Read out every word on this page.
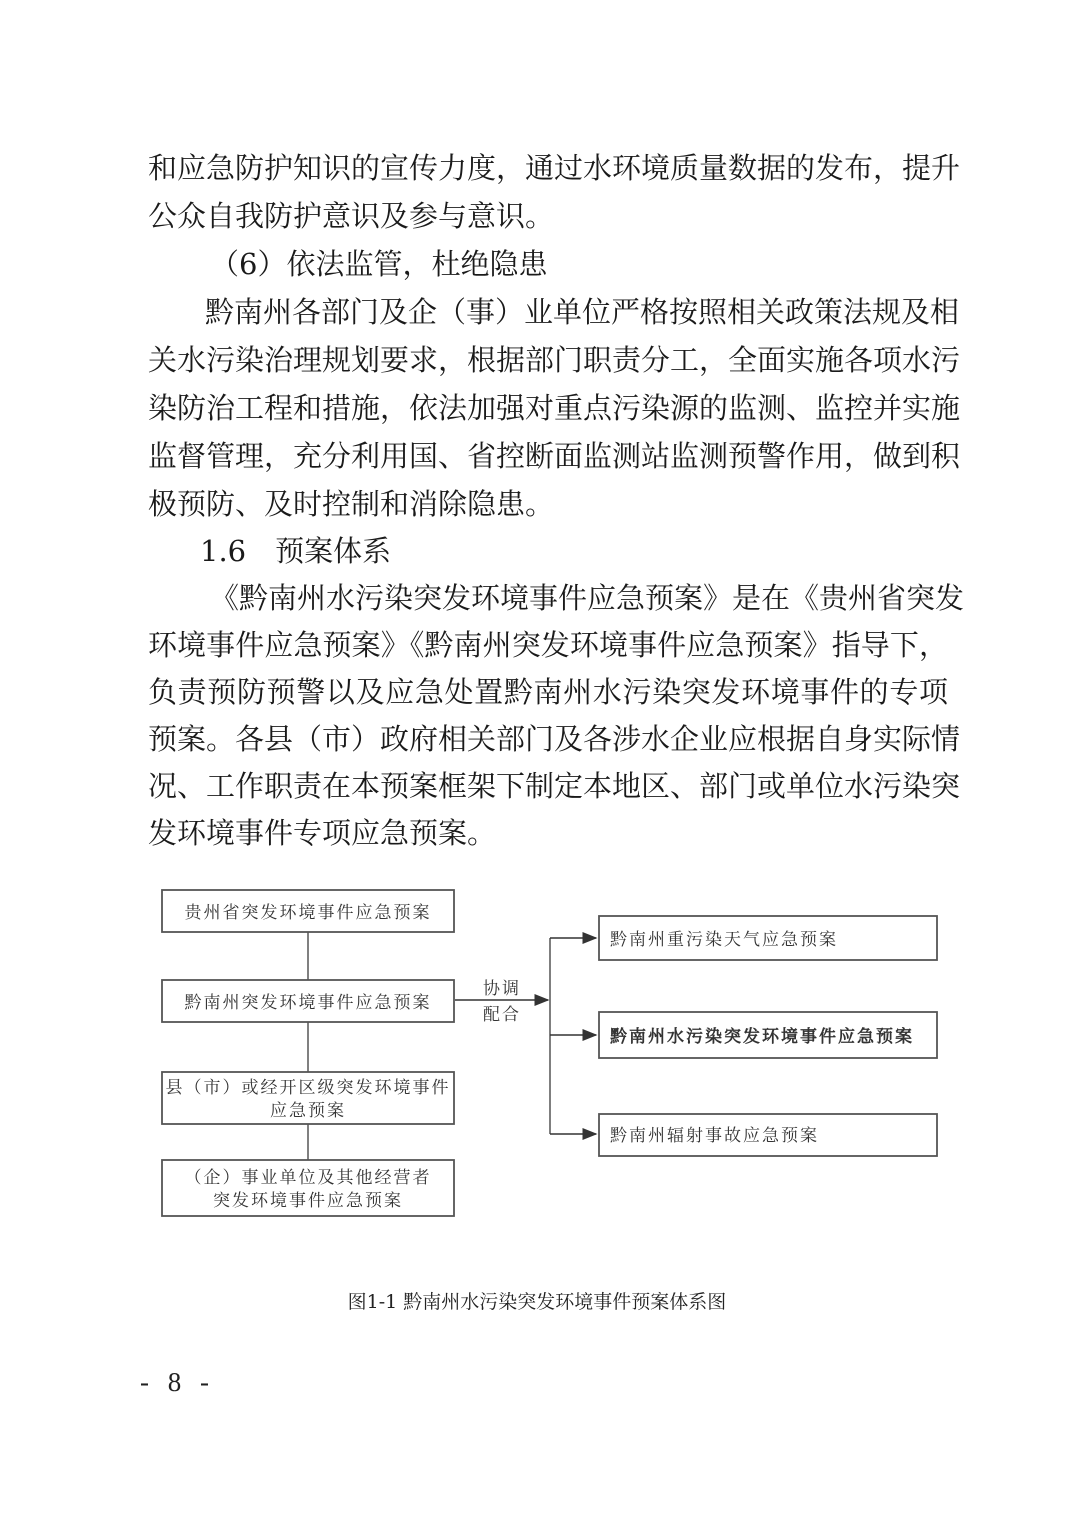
和应急防护知识的宣传力度，通过水环境质量数据的发布，提升
公众自我防护意识及参与意识。
（6）依法监管，杜绝隐患
黔南州各部门及企（事）业单位严格按照相关政策法规及相
关水污染治理规划要求，根据部门职责分工，全面实施各项水污
染防治工程和措施，依法加强对重点污染源的监测、监控并实施
监督管理，充分利用国、省控断面监测站监测预警作用，做到积
极预防、及时控制和消除隐患。
1.6　预案体系
《黔南州水污染突发环境事件应急预案》是在《贵州省突发
环境事件应急预案》《黔南州突发环境事件应急预案》指导下，
负责预防预警以及应急处置黔南州水污染突发环境事件的专项
预案。各县（市）政府相关部门及各涉水企业应根据自身实际情
况、工作职责在本预案框架下制定本地区、部门或单位水污染突
发环境事件专项应急预案。
贵州省突发环境事件应急预案
黔南州突发环境事件应急预案
县（市）或经开区级突发环境事件
应急预案
（企）事业单位及其他经营者
突发环境事件应急预案
协调
配合
黔南州重污染天气应急预案
黔南州水污染突发环境事件应急预案
黔南州辐射事故应急预案
图1-1 黔南州水污染突发环境事件预案体系图
- 8 -
